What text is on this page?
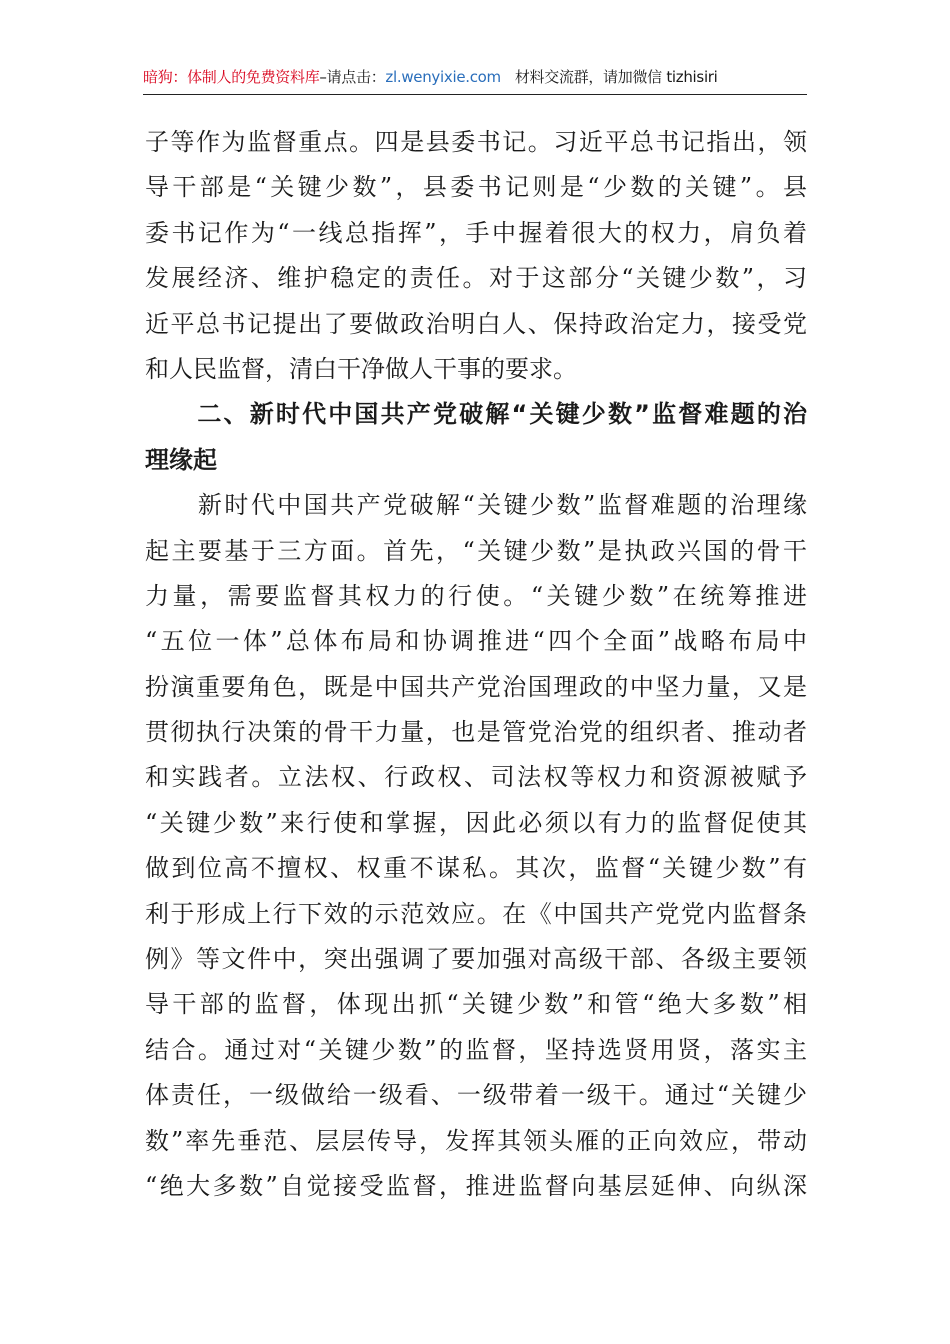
暗狗：体制人的免费资料库–请点击：zl.wenyixie.com 材料交流群，请加微信 tizhisiri
子等作为监督重点。四是县委书记。习近平总书记指出，领
导干部是“关键少数”，县委书记则是“少数的关键”。县
委书记作为“一线总指挥”，手中握着很大的权力，肩负着
发展经济、维护稳定的责任。对于这部分“关键少数”，习
近平总书记提出了要做政治明白人、保持政治定力，接受党
和人民监督，清白干净做人干事的要求。
　　二、新时代中国共产党破解“关键少数”监督难题的治
理缘起
　　新时代中国共产党破解“关键少数”监督难题的治理缘
起主要基于三方面。首先，“关键少数”是执政兴国的骨干
力量，需要监督其权力的行使。“关键少数”在统筹推进
“五位一体”总体布局和协调推进“四个全面”战略布局中
扮演重要角色，既是中国共产党治国理政的中坚力量，又是
贯彻执行决策的骨干力量，也是管党治党的组织者、推动者
和实践者。立法权、行政权、司法权等权力和资源被赋予
“关键少数”来行使和掌握，因此必须以有力的监督促使其
做到位高不擅权、权重不谋私。其次，监督“关键少数”有
利于形成上行下效的示范效应。在《中国共产党党内监督条
例》等文件中，突出强调了要加强对高级干部、各级主要领
导干部的监督，体现出抓“关键少数”和管“绝大多数”相
结合。通过对“关键少数”的监督，坚持选贤用贤，落实主
体责任，一级做给一级看、一级带着一级干。通过“关键少
数”率先垂范、层层传导，发挥其领头雁的正向效应，带动
“绝大多数”自觉接受监督，推进监督向基层延伸、向纵深
